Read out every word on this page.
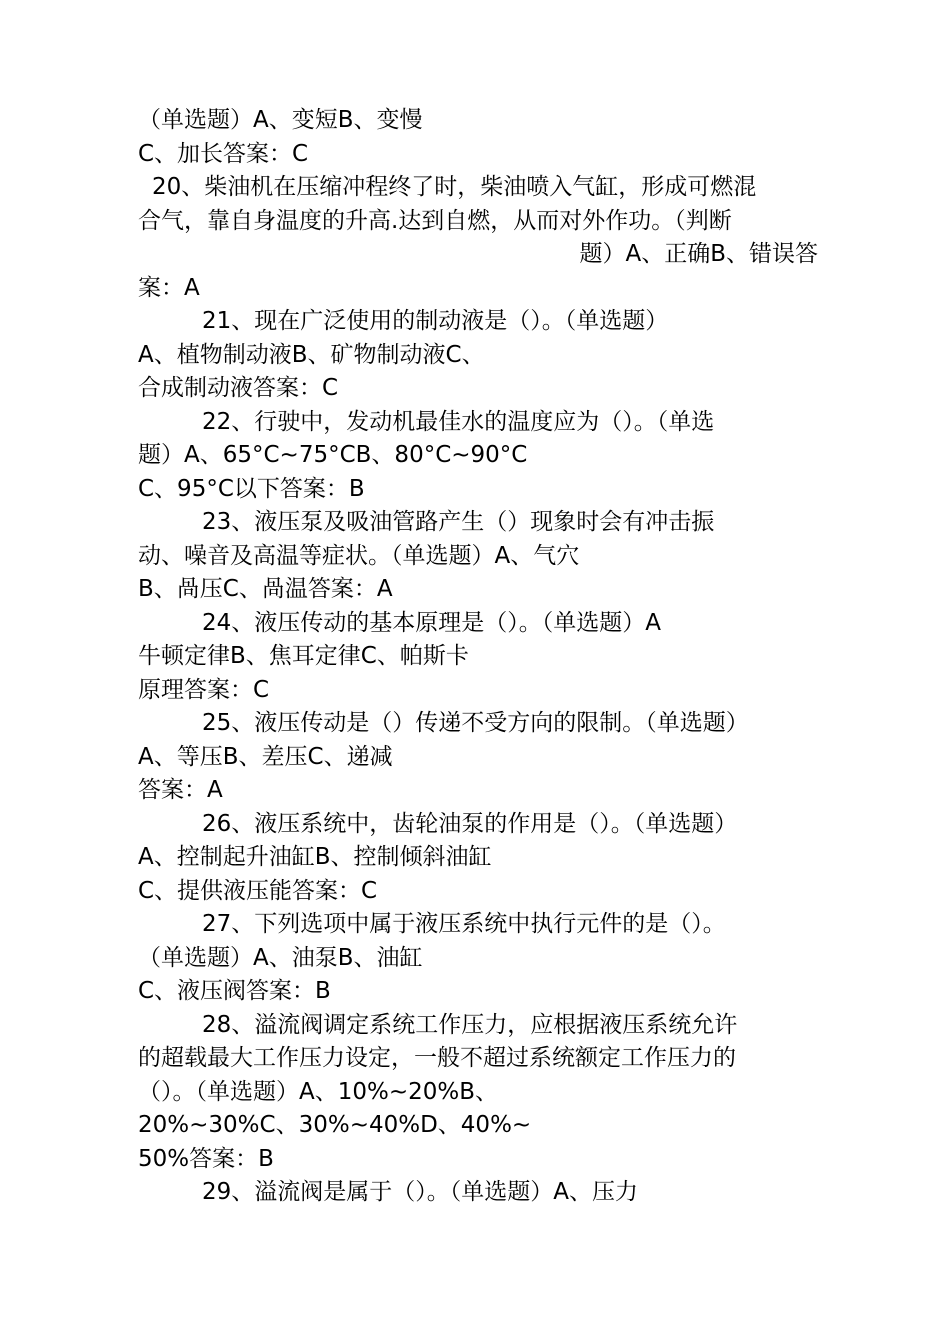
（单选题）A、变短B、变慢
C、加长答案：C
20、柴油机在压缩冲程终了时，柴油喷入气缸，形成可燃混
合气，靠自身温度的升高.达到自燃，从而对外作功。（判断
题）A、正确B、错误答
案：A
21、现在广泛使用的制动液是（）。（单选题）
A、植物制动液B、矿物制动液C、
合成制动液答案：C
22、行驶中，发动机最佳水的温度应为（）。（单选
题）A、65°C~75°CB、80°C~90°C
C、95°C以下答案：B
23、液压泵及吸油管路产生（）现象时会有冲击振
动、噪音及高温等症状。（单选题）A、气穴
B、咼压C、咼温答案：A
24、液压传动的基本原理是（）。（单选题）A
牛顿定律B、焦耳定律C、帕斯卡
原理答案：C
25、液压传动是（）传递不受方向的限制。（单选题）
A、等压B、差压C、递减
答案：A
26、液压系统中，齿轮油泵的作用是（）。（单选题）
A、控制起升油缸B、控制倾斜油缸
C、提供液压能答案：C
27、下列选项中属于液压系统中执行元件的是（）。
（单选题）A、油泵B、油缸
C、液压阀答案：B
28、溢流阀调定系统工作压力，应根据液压系统允许
的超载最大工作压力设定，一般不超过系统额定工作压力的
（）。（单选题）A、10%~20%B、
20%~30%C、30%~40%D、40%~
50%答案：B
29、溢流阀是属于（）。（单选题）A、压力
